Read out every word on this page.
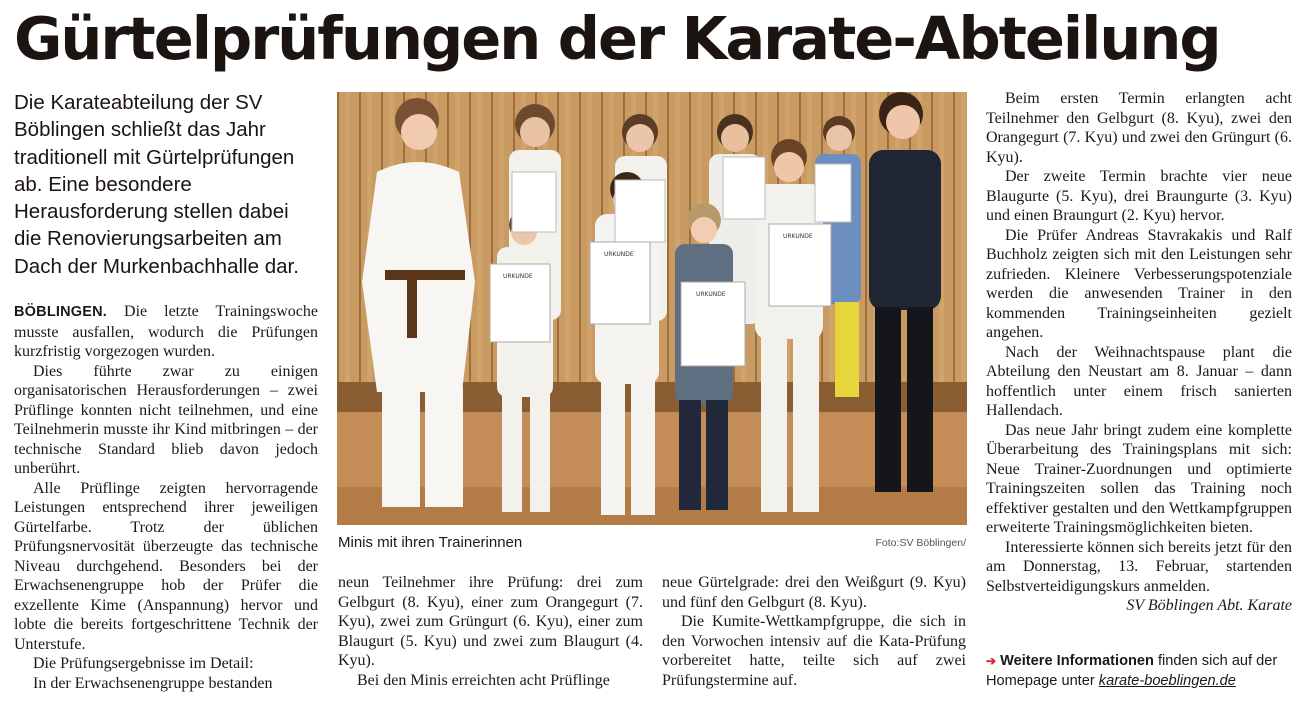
Gürtelprüfungen der Karate-Abteilung

Die Karateabteilung der SV Böblingen schließt das Jahr traditionell mit Gürtelprüfungen ab. Eine besondere Herausforderung stellen dabei die Renovierungsarbeiten am Dach der Murkenbachhalle dar.

BÖBLINGEN. Die letzte Trainingswoche musste ausfallen, wodurch die Prüfungen kurzfristig vorgezogen wurden.

Dies führte zwar zu einigen organisatorischen Herausforderungen – zwei Prüflinge konnten nicht teilnehmen, und eine Teilnehmerin musste ihr Kind mitbringen – der technische Standard blieb davon jedoch unberührt.

Alle Prüflinge zeigten hervorragende Leistungen entsprechend ihrer jeweiligen Gürtelfarbe. Trotz der üblichen Prüfungsnervosität überzeugte das technische Niveau durchgehend. Besonders bei der Erwachsenengruppe hob der Prüfer die exzellente Kime (Anspannung) hervor und lobte die bereits fortgeschrittene Technik der Unterstufe.

Die Prüfungsergebnisse im Detail:

In der Erwachsenengruppe bestanden

URKUNDE
URKUNDE
URKUNDE
URKUNDE

Minis mit ihren Trainerinnen	Foto:SV Böblingen/

neun Teilnehmer ihre Prüfung: drei zum Gelbgurt (8. Kyu), einer zum Orangegurt (7. Kyu), zwei zum Grüngurt (6. Kyu), einer zum Blaugurt (5. Kyu) und zwei zum Blaugurt (4. Kyu).

Bei den Minis erreichten acht Prüflinge

neue Gürtelgrade: drei den Weißgurt (9. Kyu) und fünf den Gelbgurt (8. Kyu).

Die Kumite-Wettkampfgruppe, die sich in den Vorwochen intensiv auf die Kata-Prüfung vorbereitet hatte, teilte sich auf zwei Prüfungstermine auf.

Beim ersten Termin erlangten acht Teilnehmer den Gelbgurt (8. Kyu), zwei den Orangegurt (7. Kyu) und zwei den Grüngurt (6. Kyu).

Der zweite Termin brachte vier neue Blaugurte (5. Kyu), drei Braungurte (3. Kyu) und einen Braungurt (2. Kyu) hervor.

Die Prüfer Andreas Stavrakakis und Ralf Buchholz zeigten sich mit den Leistungen sehr zufrieden. Kleinere Verbesserungspotenziale werden die anwesenden Trainer in den kommenden Trainingseinheiten gezielt angehen.

Nach der Weihnachtspause plant die Abteilung den Neustart am 8. Januar – dann hoffentlich unter einem frisch sanierten Hallendach.

Das neue Jahr bringt zudem eine komplette Überarbeitung des Trainingsplans mit sich: Neue Trainer-Zuordnungen und optimierte Trainingszeiten sollen das Training noch effektiver gestalten und den Wettkampfgruppen erweiterte Trainingsmöglichkeiten bieten.

Interessierte können sich bereits jetzt für den am Donnerstag, 13. Februar, startenden Selbstverteidigungskurs anmelden.

SV Böblingen Abt. Karate

➔ Weitere Informationen finden sich auf der Homepage unter karate-boeblingen.de
